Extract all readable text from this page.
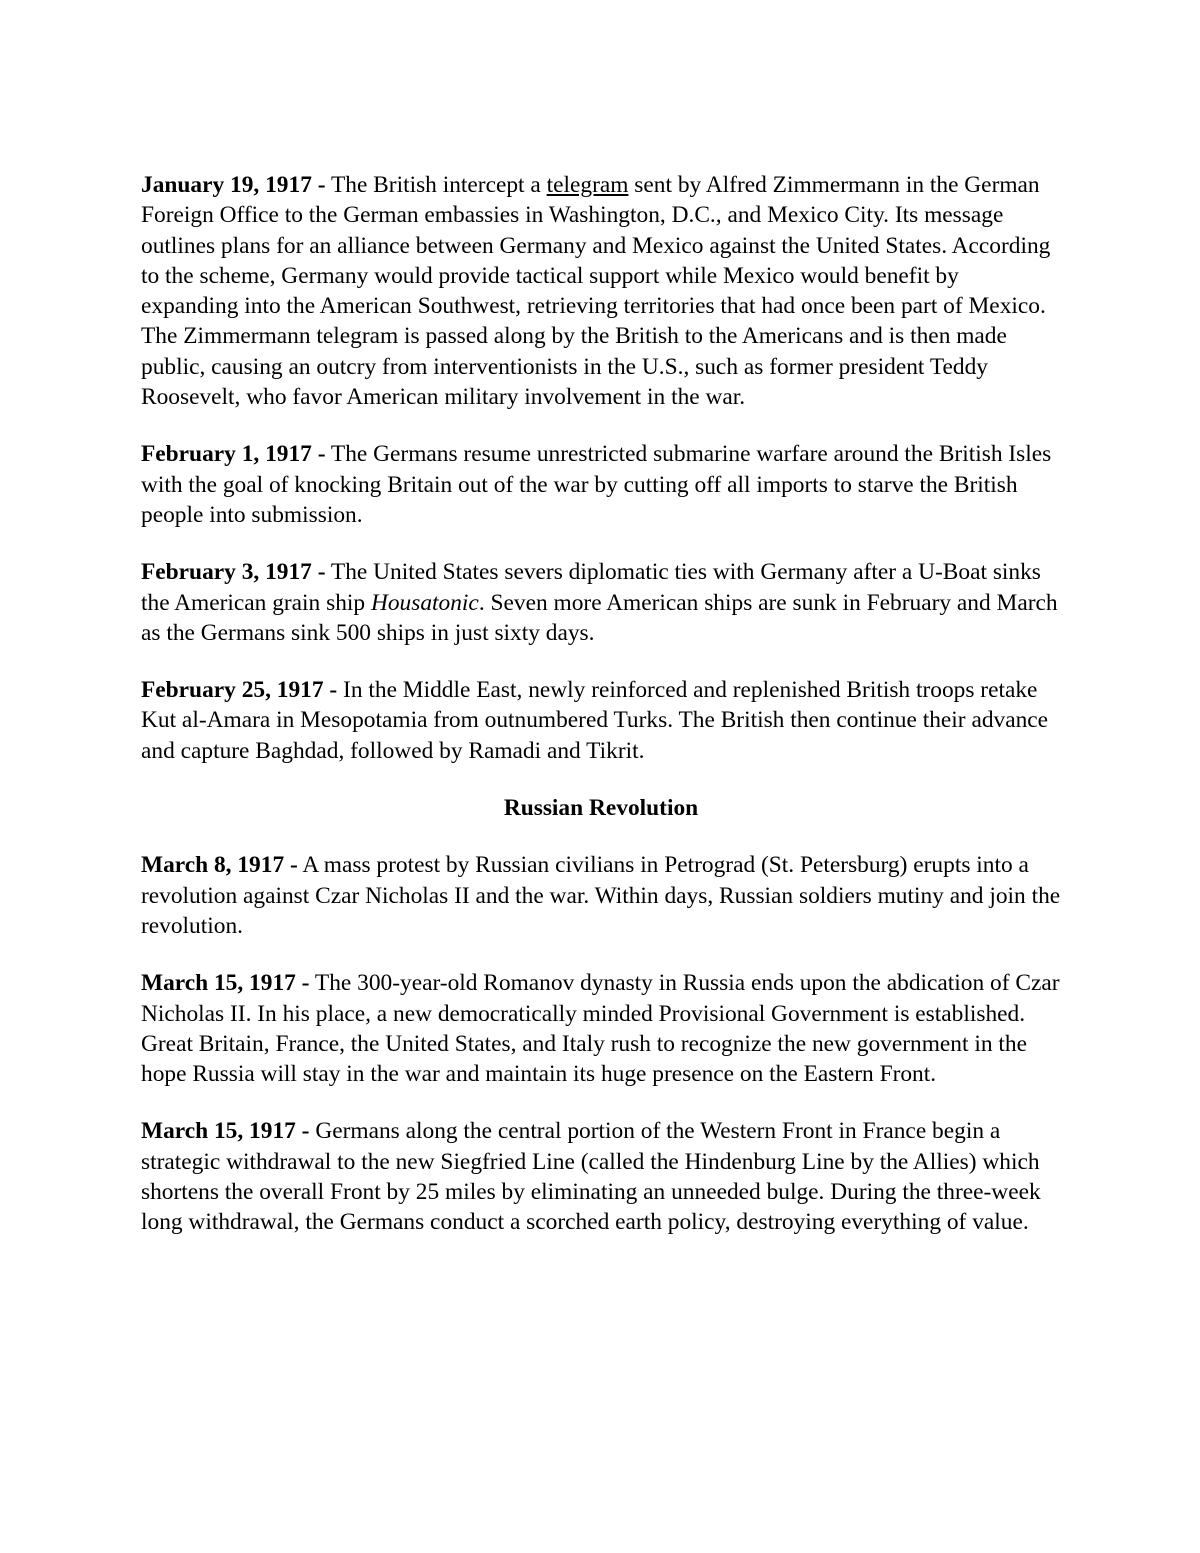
January 19, 1917 - The British intercept a telegram sent by Alfred Zimmermann in the German Foreign Office to the German embassies in Washington, D.C., and Mexico City. Its message outlines plans for an alliance between Germany and Mexico against the United States. According to the scheme, Germany would provide tactical support while Mexico would benefit by expanding into the American Southwest, retrieving territories that had once been part of Mexico. The Zimmermann telegram is passed along by the British to the Americans and is then made public, causing an outcry from interventionists in the U.S., such as former president Teddy Roosevelt, who favor American military involvement in the war.

February 1, 1917 - The Germans resume unrestricted submarine warfare around the British Isles with the goal of knocking Britain out of the war by cutting off all imports to starve the British people into submission.

February 3, 1917 - The United States severs diplomatic ties with Germany after a U-Boat sinks the American grain ship Housatonic. Seven more American ships are sunk in February and March as the Germans sink 500 ships in just sixty days.

February 25, 1917 - In the Middle East, newly reinforced and replenished British troops retake Kut al-Amara in Mesopotamia from outnumbered Turks. The British then continue their advance and capture Baghdad, followed by Ramadi and Tikrit.

Russian Revolution

March 8, 1917 - A mass protest by Russian civilians in Petrograd (St. Petersburg) erupts into a revolution against Czar Nicholas II and the war. Within days, Russian soldiers mutiny and join the revolution.

March 15, 1917 - The 300-year-old Romanov dynasty in Russia ends upon the abdication of Czar Nicholas II. In his place, a new democratically minded Provisional Government is established. Great Britain, France, the United States, and Italy rush to recognize the new government in the hope Russia will stay in the war and maintain its huge presence on the Eastern Front.

March 15, 1917 - Germans along the central portion of the Western Front in France begin a strategic withdrawal to the new Siegfried Line (called the Hindenburg Line by the Allies) which shortens the overall Front by 25 miles by eliminating an unneeded bulge. During the three-week long withdrawal, the Germans conduct a scorched earth policy, destroying everything of value.
